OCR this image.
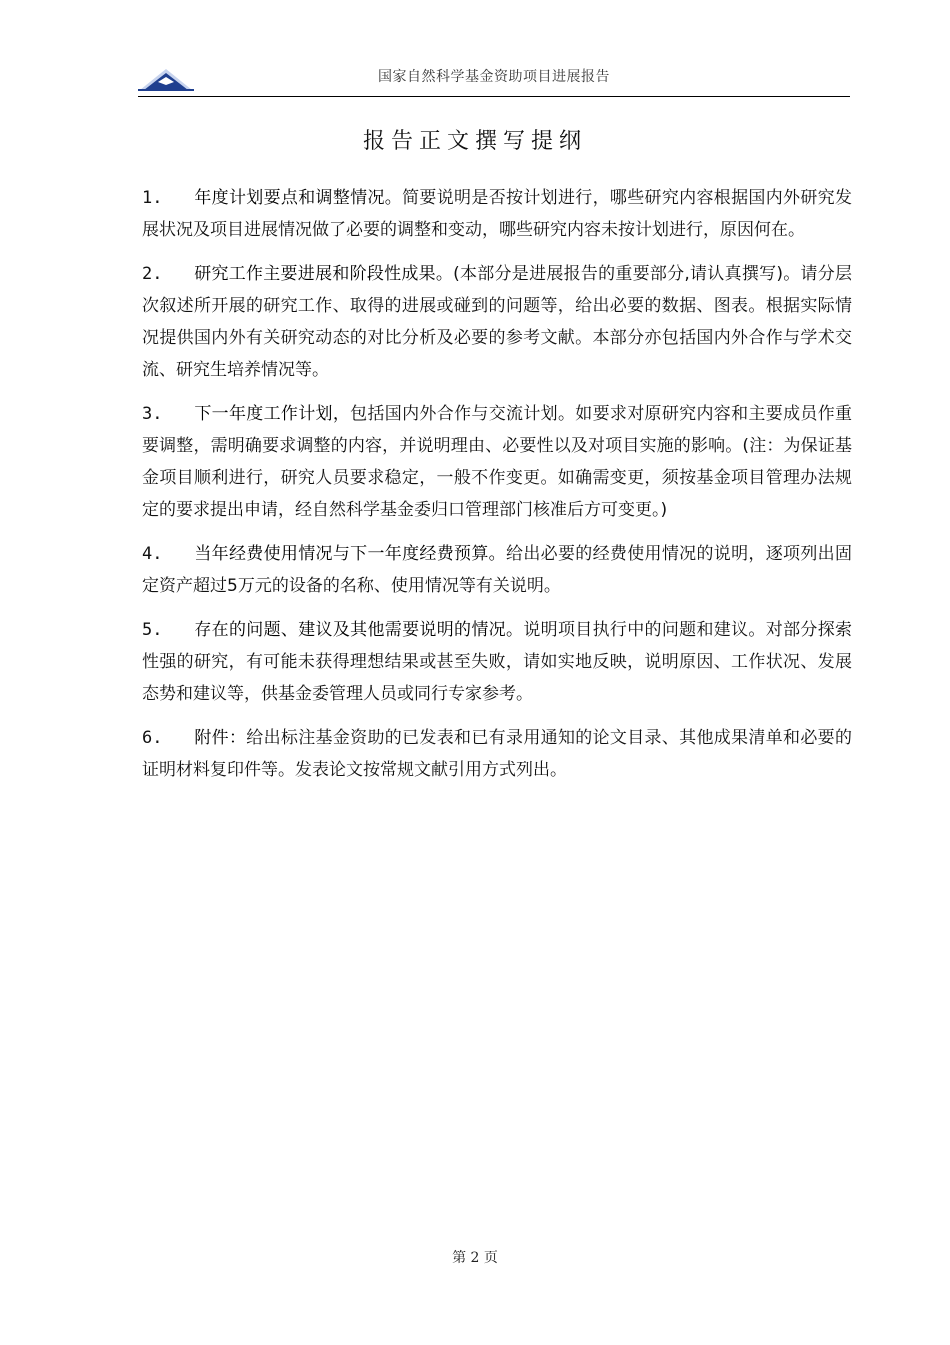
国家自然科学基金资助项目进展报告
报告正文撰写提纲

1. 年度计划要点和调整情况。简要说明是否按计划进行，哪些研究内容根据国内外研究发展状况及项目进展情况做了必要的调整和变动，哪些研究内容未按计划进行，原因何在。

2. 研究工作主要进展和阶段性成果。(本部分是进展报告的重要部分,请认真撰写)。请分层次叙述所开展的研究工作、取得的进展或碰到的问题等，给出必要的数据、图表。根据实际情况提供国内外有关研究动态的对比分析及必要的参考文献。本部分亦包括国内外合作与学术交流、研究生培养情况等。

3. 下一年度工作计划，包括国内外合作与交流计划。如要求对原研究内容和主要成员作重要调整，需明确要求调整的内容，并说明理由、必要性以及对项目实施的影响。(注：为保证基金项目顺利进行，研究人员要求稳定，一般不作变更。如确需变更，须按基金项目管理办法规定的要求提出申请，经自然科学基金委归口管理部门核准后方可变更。)

4. 当年经费使用情况与下一年度经费预算。给出必要的经费使用情况的说明，逐项列出固定资产超过5万元的设备的名称、使用情况等有关说明。

5. 存在的问题、建议及其他需要说明的情况。说明项目执行中的问题和建议。对部分探索性强的研究，有可能未获得理想结果或甚至失败，请如实地反映，说明原因、工作状况、发展态势和建议等，供基金委管理人员或同行专家参考。

6. 附件：给出标注基金资助的已发表和已有录用通知的论文目录、其他成果清单和必要的证明材料复印件等。发表论文按常规文献引用方式列出。

第 2 页
